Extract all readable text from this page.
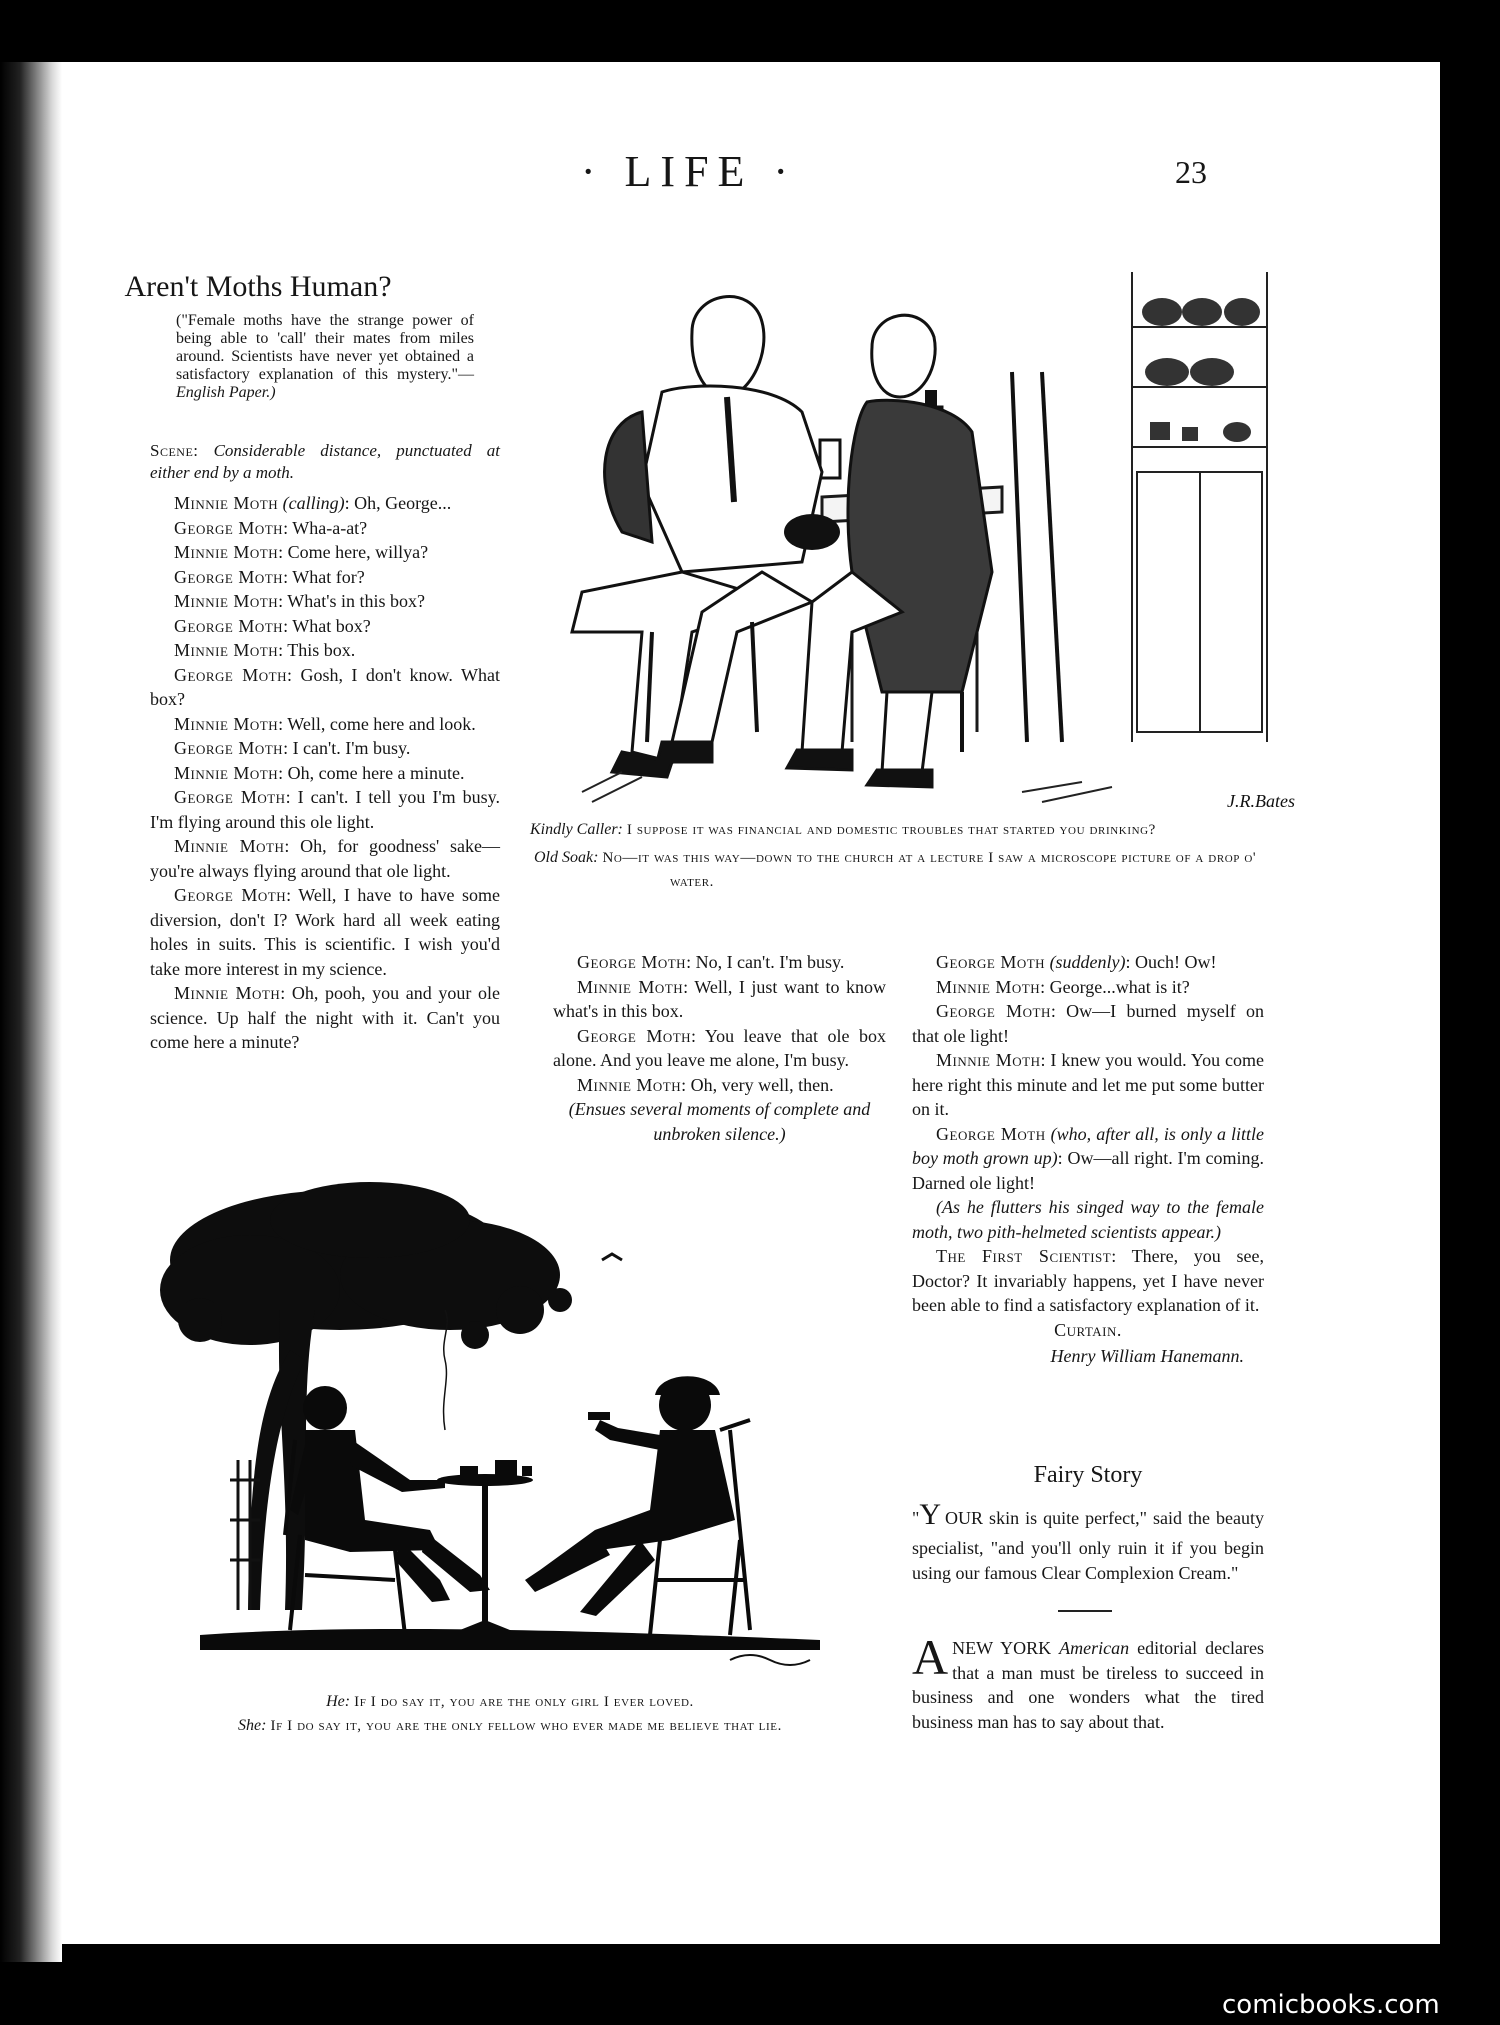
· LIFE ·	23
Aren't Moths Human?
("Female moths have the strange power of being able to 'call' their mates from miles around. Scientists have never yet obtained a satisfactory explanation of this mystery."—English Paper.)
Scene: Considerable distance, punctuated at either end by a moth.

Minnie Moth (calling): Oh, George...

George Moth: Wha-a-at?

Minnie Moth: Come here, willya?

George Moth: What for?

Minnie Moth: What's in this box?

George Moth: What box?

Minnie Moth: This box.

George Moth: Gosh, I don't know. What box?

Minnie Moth: Well, come here and look.

George Moth: I can't. I'm busy.

Minnie Moth: Oh, come here a minute.

George Moth: I can't. I tell you I'm busy. I'm flying around this ole light.

Minnie Moth: Oh, for goodness' sake—you're always flying around that ole light.

George Moth: Well, I have to have some diversion, don't I? Work hard all week eating holes in suits. This is scientific. I wish you'd take more interest in my science.

Minnie Moth: Oh, pooh, you and your ole science. Up half the night with it. Can't you come here a minute?

J.R.Bates
Kindly Caller: I suppose it was financial and domestic troubles that started you drinking?
Old Soak: No—it was this way—down to the church at a lecture I saw a microscope picture of a drop o' water.

George Moth: No, I can't. I'm busy.

Minnie Moth: Well, I just want to know what's in this box.

George Moth: You leave that ole box alone. And you leave me alone, I'm busy.

Minnie Moth: Oh, very well, then.

(Ensues several moments of complete and unbroken silence.)

George Moth (suddenly): Ouch! Ow!

Minnie Moth: George...what is it?

George Moth: Ow—I burned myself on that ole light!

Minnie Moth: I knew you would. You come here right this minute and let me put some butter on it.

George Moth (who, after all, is only a little boy moth grown up): Ow—all right. I'm coming. Darned ole light!

(As he flutters his singed way to the female moth, two pith-helmeted scientists appear.)

The First Scientist: There, you see, Doctor? It invariably happens, yet I have never been able to find a satisfactory explanation of it.

Curtain.

Henry William Hanemann.

He: If I do say it, you are the only girl I ever loved.
She: If I do say it, you are the only fellow who ever made me believe that lie.
Fairy Story

"Y OUR skin is quite perfect," said the beauty specialist, "and you'll only ruin it if you begin using our famous Clear Complexion Cream."

ANEW YORK American editorial declares that a man must be tireless to succeed in business and one wonders what the tired business man has to say about that.

comicbooks.com
